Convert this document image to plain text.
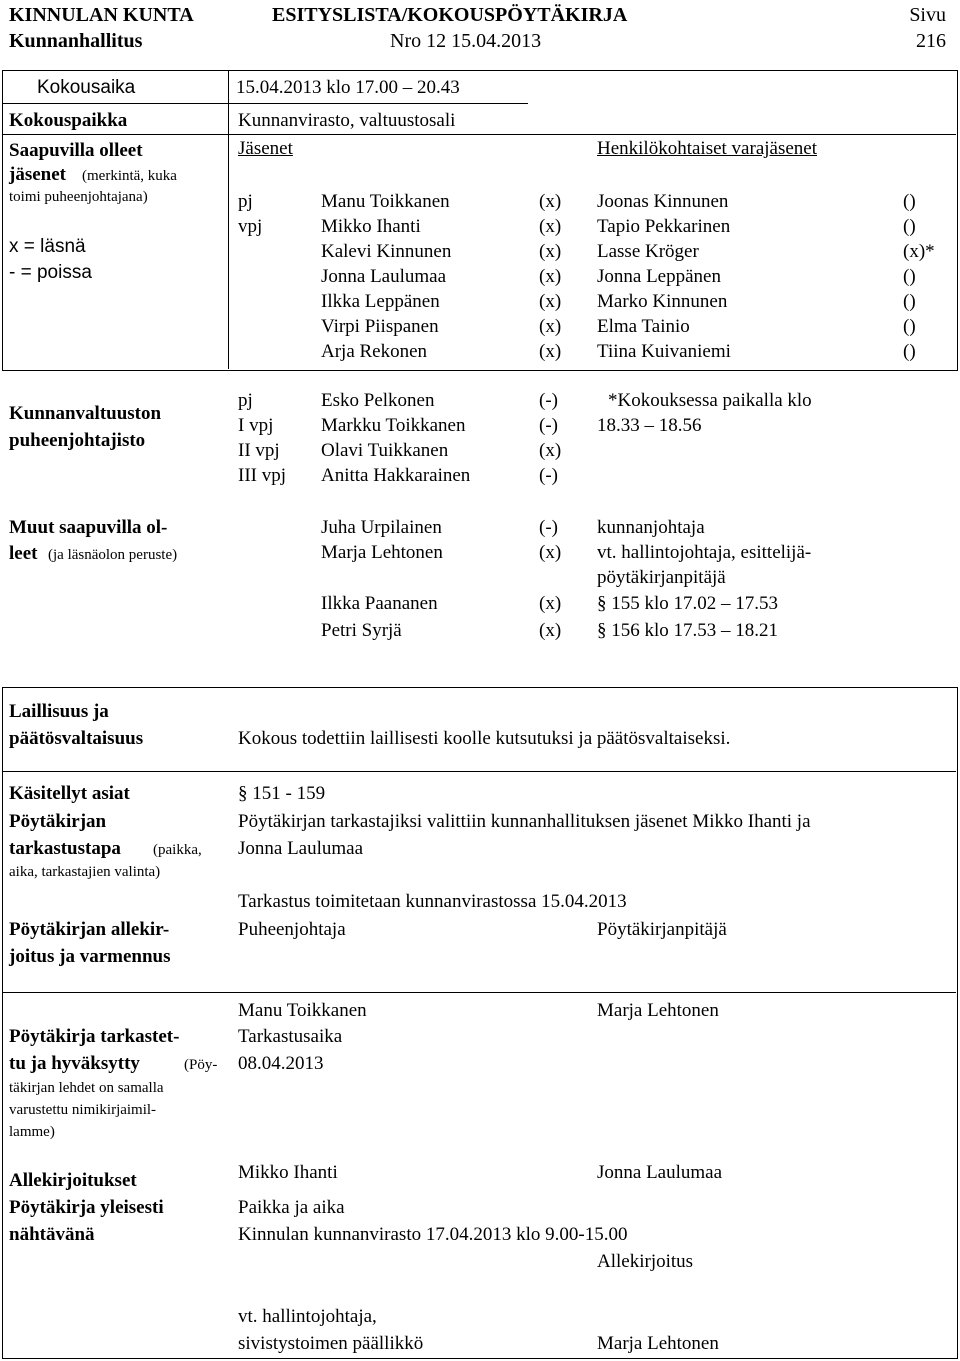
KINNULAN KUNTA	ESITYSLISTA/KOKOUSPÖYTÄKIRJA	Sivu
Kunnanhallitus	Nro 12 15.04.2013	216
Kokousaika	15.04.2013 klo 17.00 – 20.43
Kokouspaikka	Kunnanvirasto, valtuustosali
Saapuvilla olleet
jäsenet (merkintä, kuka
toimi puheenjohtajana)
x = läsnä
- = poissa
Jäsenet	Henkilökohtaiset varajäsenet
pj	Manu Toikkanen	(x) Joonas Kinnunen	()
vpj	Mikko Ihanti	(x) Tapio Pekkarinen	()
Kalevi Kinnunen	(x) Lasse Kröger	(x)*
Jonna Laulumaa	(x) Jonna Leppänen	()
Ilkka Leppänen	(x) Marko Kinnunen	()
Virpi Piispanen	(x) Elma Tainio	()
Arja Rekonen	(x) Tiina Kuivaniemi	()
Kunnanvaltuuston
puheenjohtajisto
pj	Esko Pelkonen	(-)
I vpj	Markku Toikkanen	(-)
II vpj Olavi Tuikkanen	(x)
III vpj Anitta Hakkarainen	(-)
*Kokouksessa paikalla klo
18.33 – 18.56
Muut saapuvilla ol-
leet (ja läsnäolon peruste)
Juha Urpilainen	(-) kunnanjohtaja
Marja Lehtonen	(x) vt. hallintojohtaja, esittelijä-
pöytäkirjanpitäjä
Ilkka Paananen	(x) § 155 klo 17.02 – 17.53
Petri Syrjä	(x) § 156 klo 17.53 – 18.21
Laillisuus ja
päätösvaltaisuus	Kokous todettiin laillisesti koolle kutsutuksi ja päätösvaltaiseksi.
Käsitellyt asiat	§ 151 - 159
Pöytäkirjan
tarkastustapa (paikka,
aika, tarkastajien valinta)
Pöytäkirjan tarkastajiksi valittiin kunnanhallituksen jäsenet Mikko Ihanti ja
Jonna Laulumaa
Tarkastus toimitetaan kunnanvirastossa 15.04.2013
Pöytäkirjan allekir-
joitus ja varmennus
Puheenjohtaja	Pöytäkirjanpitäjä
Manu Toikkanen	Marja Lehtonen
Pöytäkirja tarkastet-
tu ja hyväksytty	(Pöy-
täkirjan lehdet on samalla
varustettu nimikirjaimil-
lamme)
Tarkastusaika
08.04.2013
Allekirjoitukset	Mikko Ihanti	Jonna Laulumaa
Pöytäkirja yleisesti
nähtävänä
Paikka ja aika
Kinnulan kunnanvirasto 17.04.2013 klo 9.00-15.00
Allekirjoitus
vt. hallintojohtaja,
sivistystoimen päällikkö	Marja Lehtonen
